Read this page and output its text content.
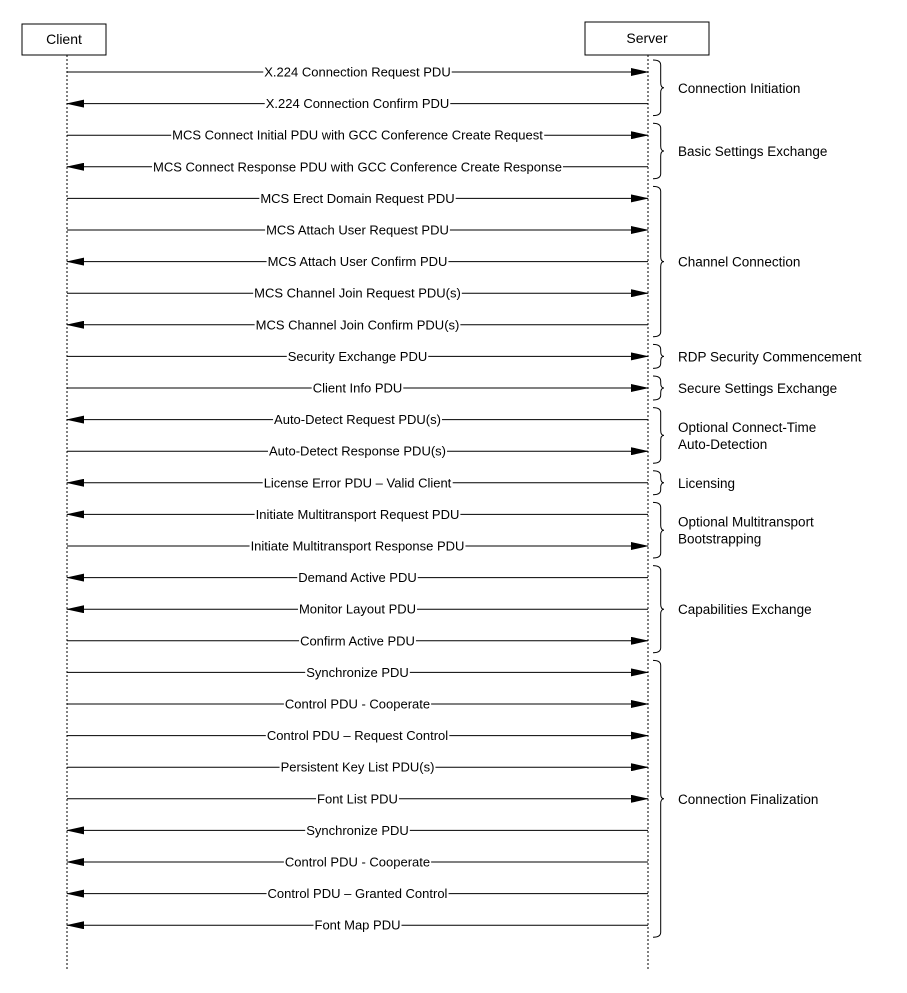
Client	Server
X.224 Connection Request PDU
X.224 Connection Confirm PDU
MCS Connect Initial PDU with GCC Conference Create Request
MCS Connect Response PDU with GCC Conference Create Response
MCS Erect Domain Request PDU
MCS Attach User Request PDU
MCS Attach User Confirm PDU
MCS Channel Join Request PDU(s)
MCS Channel Join Confirm PDU(s)
Security Exchange PDU
Client Info PDU
Auto-Detect Request PDU(s)
Auto-Detect Response PDU(s)
License Error PDU – Valid Client
Initiate Multitransport Request PDU
Initiate Multitransport Response PDU
Demand Active PDU
Monitor Layout PDU
Confirm Active PDU
Synchronize PDU
Control PDU - Cooperate
Control PDU – Request Control
Persistent Key List PDU(s)
Font List PDU
Synchronize PDU
Control PDU - Cooperate
Control PDU – Granted Control
Font Map PDU
Connection Initiation
Basic Settings Exchange
Channel Connection
RDP Security Commencement
Secure Settings Exchange
Optional Connect-Time
Auto-Detection
Licensing
Optional Multitransport
Bootstrapping
Capabilities Exchange
Connection Finalization
